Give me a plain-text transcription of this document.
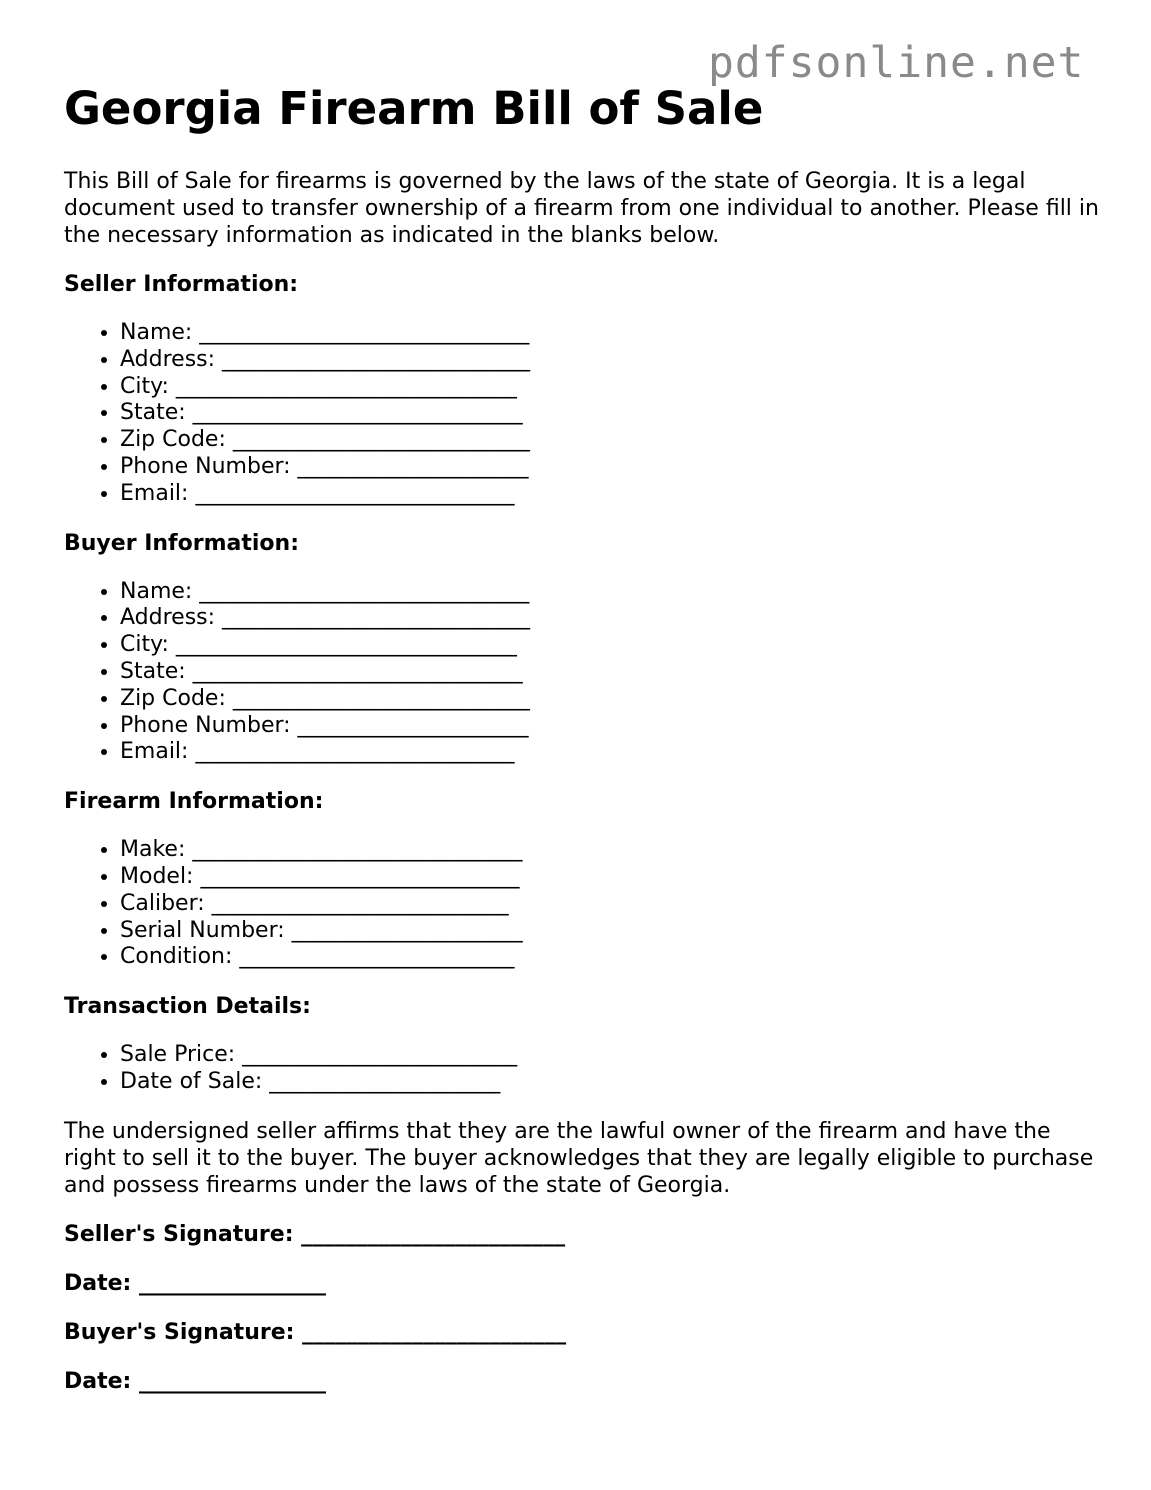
pdfsonline.net
Georgia Firearm Bill of Sale

This Bill of Sale for firearms is governed by the laws of the state of Georgia. It is a legal document used to transfer ownership of a firearm from one individual to another. Please fill in the necessary information as indicated in the blanks below.

Seller Information:
• Name: ______________________________
• Address: ____________________________
• City: _______________________________
• State: ______________________________
• Zip Code: ___________________________
• Phone Number: _____________________
• Email: _____________________________
Buyer Information:
• Name: ______________________________
• Address: ____________________________
• City: _______________________________
• State: ______________________________
• Zip Code: ___________________________
• Phone Number: _____________________
• Email: _____________________________
Firearm Information:
• Make: ______________________________
• Model: _____________________________
• Caliber: ___________________________
• Serial Number: _____________________
• Condition: _________________________
Transaction Details:
• Sale Price: _________________________
• Date of Sale: _____________________

The undersigned seller affirms that they are the lawful owner of the firearm and have the right to sell it to the buyer. The buyer acknowledges that they are legally eligible to purchase and possess firearms under the laws of the state of Georgia.

Seller's Signature: ________________________
Date: _________________
Buyer's Signature: ________________________
Date: _________________
